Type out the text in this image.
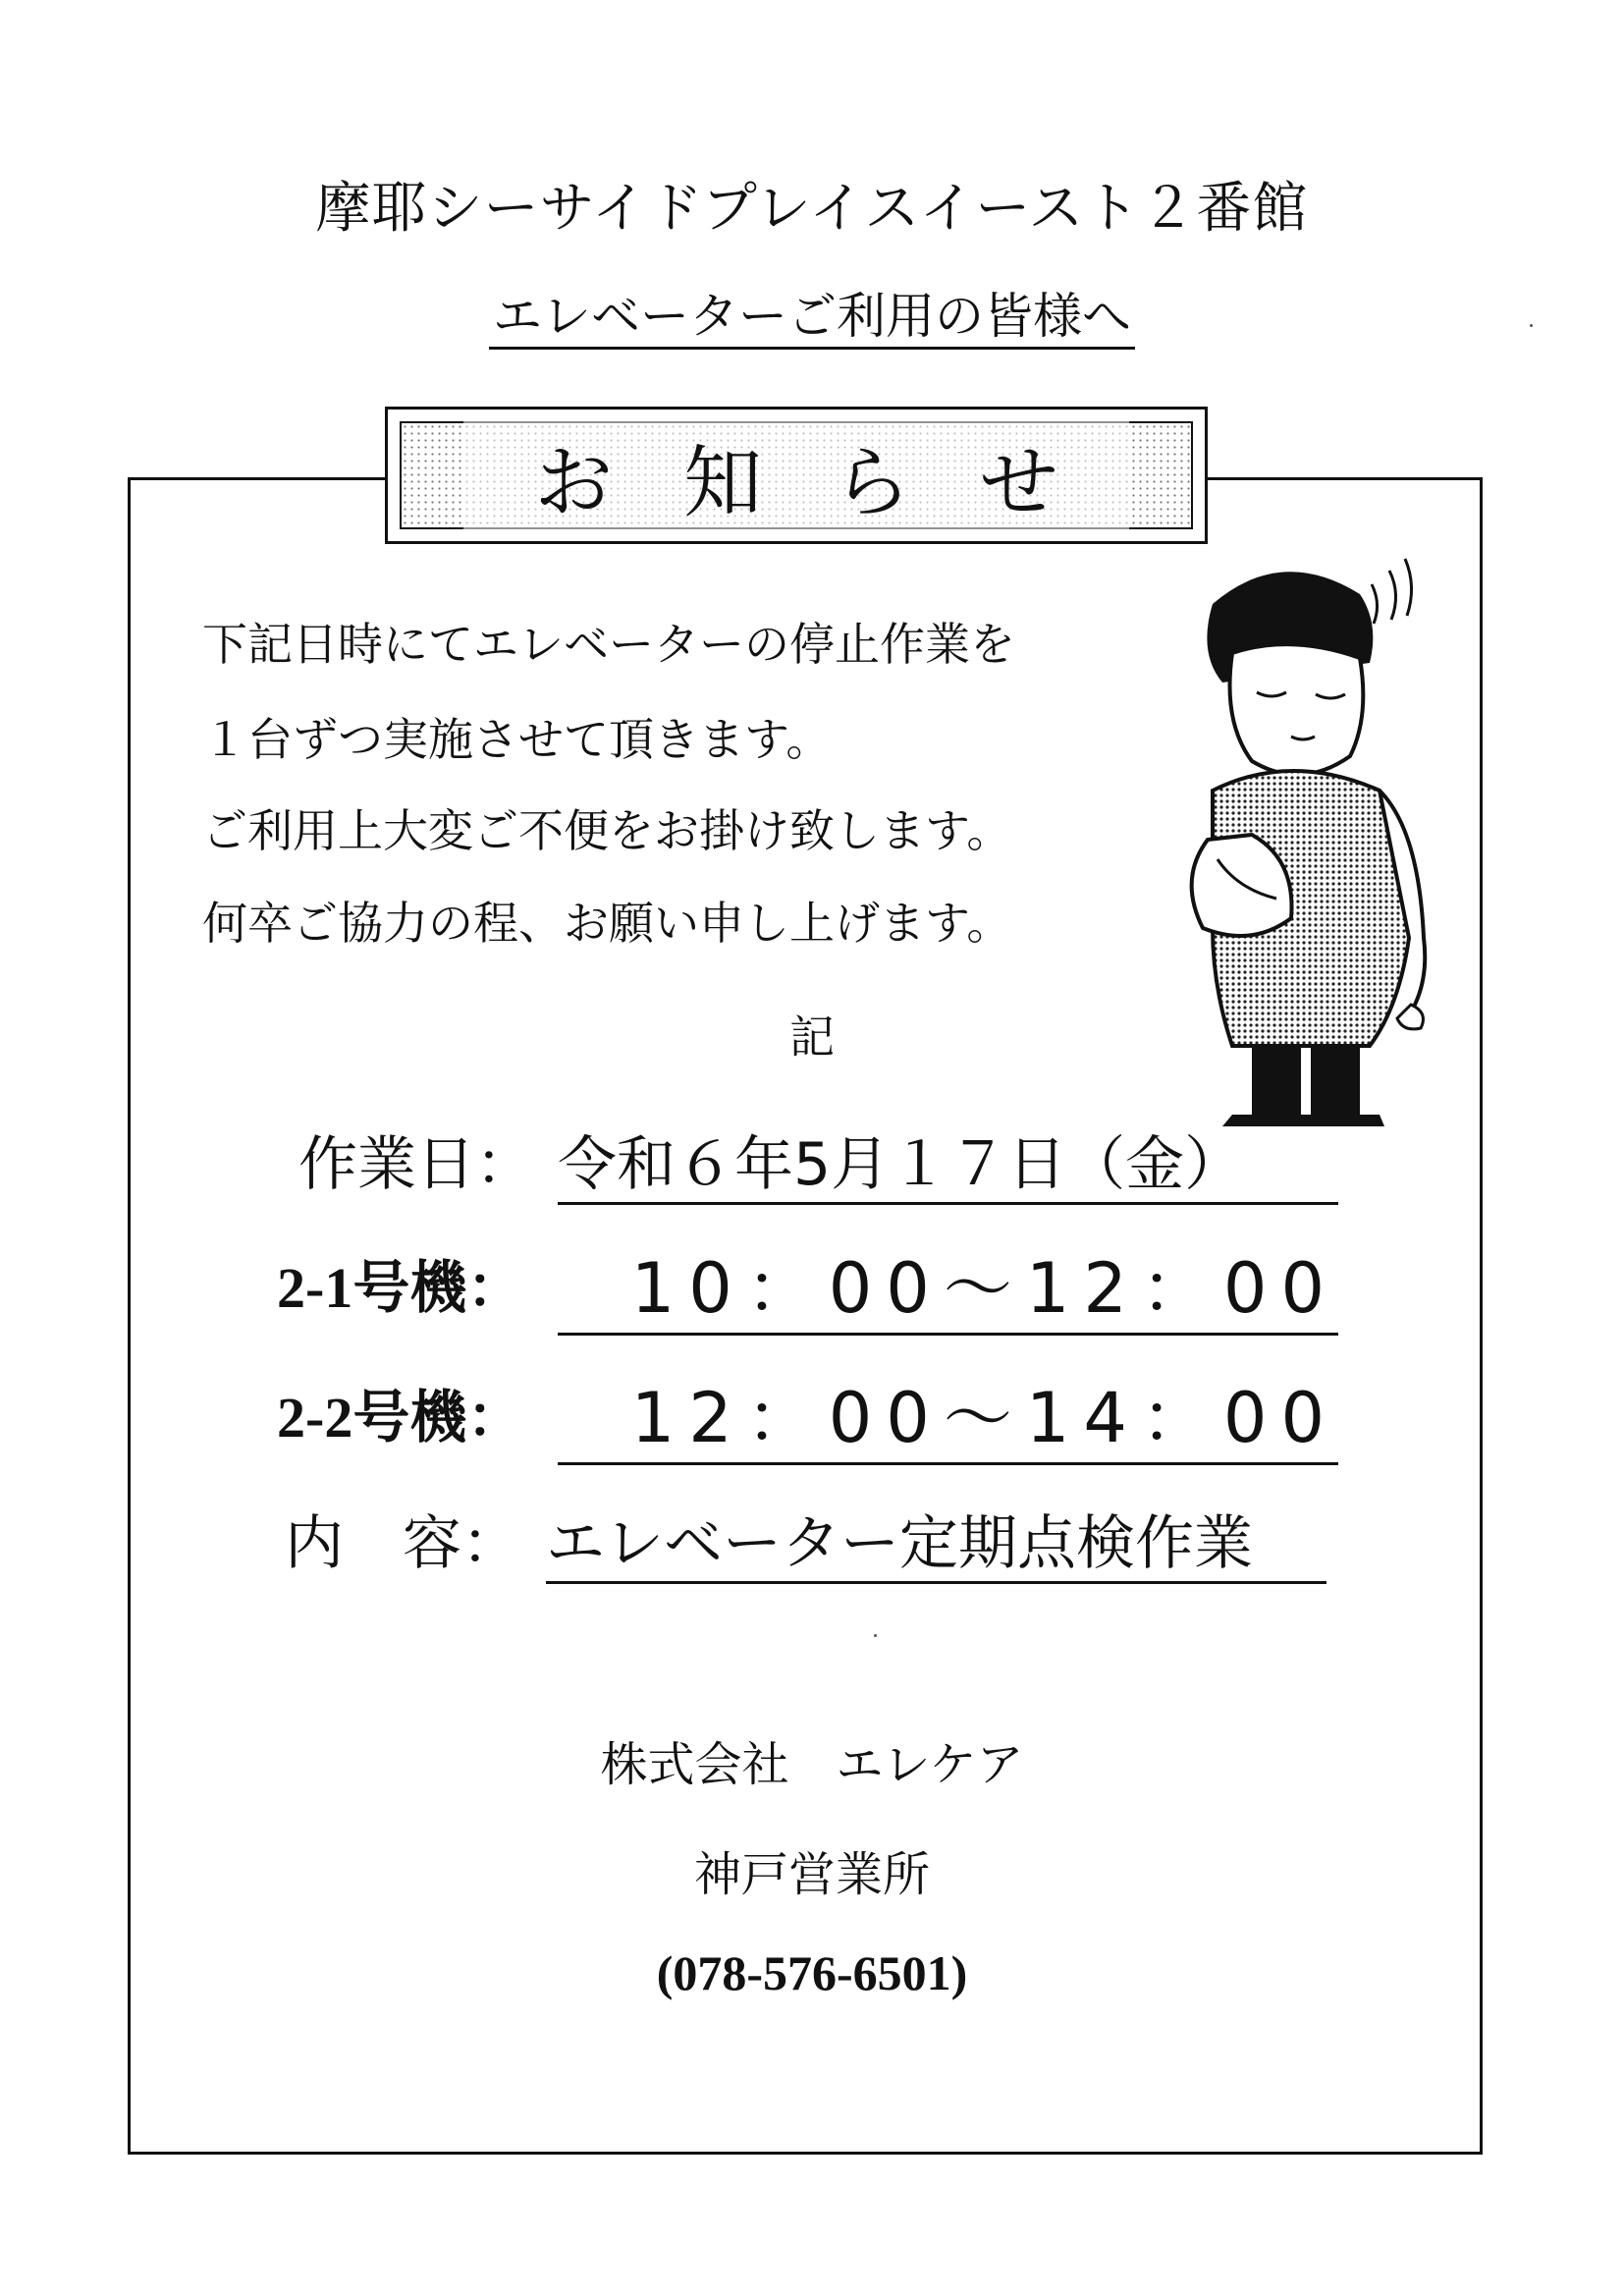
摩耶シーサイドプレイスイースト２番館
エレベーターご利用の皆様へ
お知らせ
下記日時にてエレベーターの停止作業を
１台ずつ実施させて頂きます。
ご利用上大変ご不便をお掛け致します。
何卒ご協力の程、お願い申し上げます。
記
作業日： 令和６年5月１７日（金）
2-1号機：	10：00～12：00
2-2号機：	12：00～14：00
内　容： エレベーター定期点検作業
株式会社　エレケア
神戸営業所
(078-576-6501)
